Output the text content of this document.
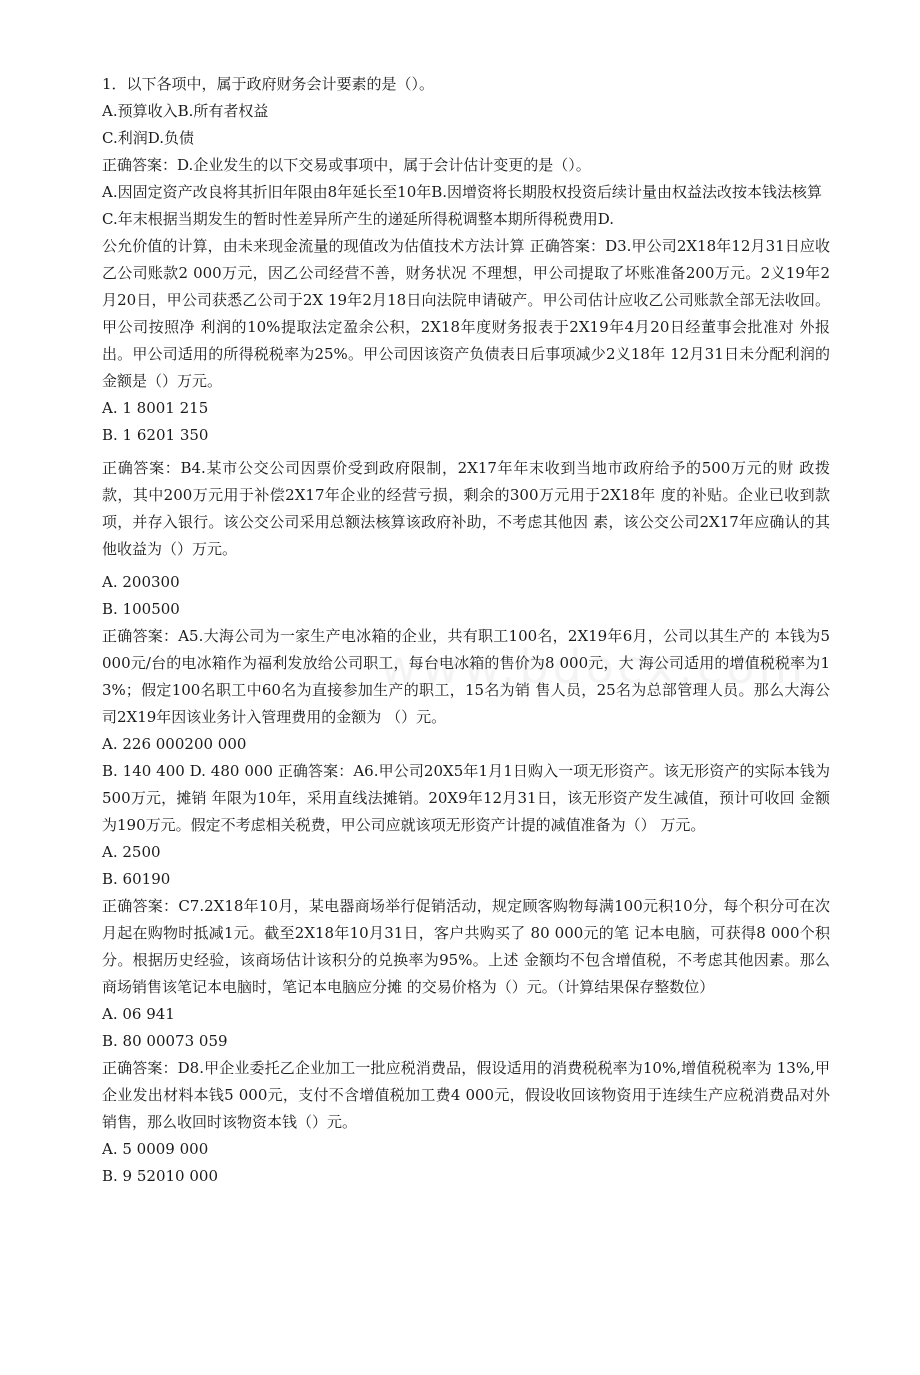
1．以下各项中，属于政府财务会计要素的是（）。

A.预算收入B.所有者权益

C.利润D.负债

正确答案：D.企业发生的以下交易或事项中，属于会计估计变更的是（）。

A.因固定资产改良将其折旧年限由8年延长至10年B.因增资将长期股权投资后续计量由权益法改按本钱法核算

C.年末根据当期发生的暂时性差异所产生的递延所得税调整本期所得税费用D.

公允价值的计算，由未来现金流量的现值改为估值技术方法计算 正确答案：D3.甲公司2X18年12月31日应收乙公司账款2 000万元，因乙公司经营不善，财务状况 不理想，甲公司提取了坏账准备200万元。2义19年2月20日，甲公司获悉乙公司于2X 19年2月18日向法院申请破产。甲公司估计应收乙公司账款全部无法收回。甲公司按照净 利润的10%提取法定盈余公积，2X18年度财务报表于2X19年4月20日经董事会批准对 外报出。甲公司适用的所得税税率为25%。甲公司因该资产负债表日后事项减少2义18年 12月31日未分配利润的金额是（）万元。

A. 1 8001 215

B. 1 6201 350

正确答案：B4.某市公交公司因票价受到政府限制，2X17年年末收到当地市政府给予的500万元的财 政拨款，其中200万元用于补偿2X17年企业的经营亏损，剩余的300万元用于2X18年 度的补贴。企业已收到款项，并存入银行。该公交公司采用总额法核算该政府补助，不考虑其他因 素，该公交公司2X17年应确认的其他收益为（）万元。

A. 200300

B. 100500

正确答案：A5.大海公司为一家生产电冰箱的企业，共有职工100名，2X19年6月，公司以其生产的 本钱为5 000元/台的电冰箱作为福利发放给公司职工，每台电冰箱的售价为8 000元，大 海公司适用的增值税税率为13%；假定100名职工中60名为直接参加生产的职工，15名为销 售人员，25名为总部管理人员。那么大海公司2X19年因该业务计入管理费用的金额为 （）元。

A. 226 000200 000

B. 140 400 D. 480 000 正确答案：A6.甲公司20X5年1月1日购入一项无形资产。该无形资产的实际本钱为500万元，摊销 年限为10年，采用直线法摊销。20X9年12月31日，该无形资产发生减值，预计可收回 金额为190万元。假定不考虑相关税费，甲公司应就该项无形资产计提的减值准备为（） 万元。

A. 2500

B. 60190

正确答案：C7.2X18年10月，某电器商场举行促销活动，规定顾客购物每满100元积10分，每个积分可在次月起在购物时抵减1元。截至2X18年10月31日，客户共购买了 80 000元的笔 记本电脑，可获得8 000个积分。根据历史经验，该商场估计该积分的兑换率为95%。上述 金额均不包含增值税，不考虑其他因素。那么商场销售该笔记本电脑时，笔记本电脑应分摊 的交易价格为（）元。（计算结果保存整数位）

A. 06 941

B. 80 00073 059

正确答案：D8.甲企业委托乙企业加工一批应税消费品，假设适用的消费税税率为10%,增值税税率为 13%,甲企业发出材料本钱5 000元，支付不含增值税加工费4 000元，假设收回该物资用于连续生产应税消费品对外销售，那么收回时该物资本钱（）元。

A. 5 0009 000

B. 9 52010 000
